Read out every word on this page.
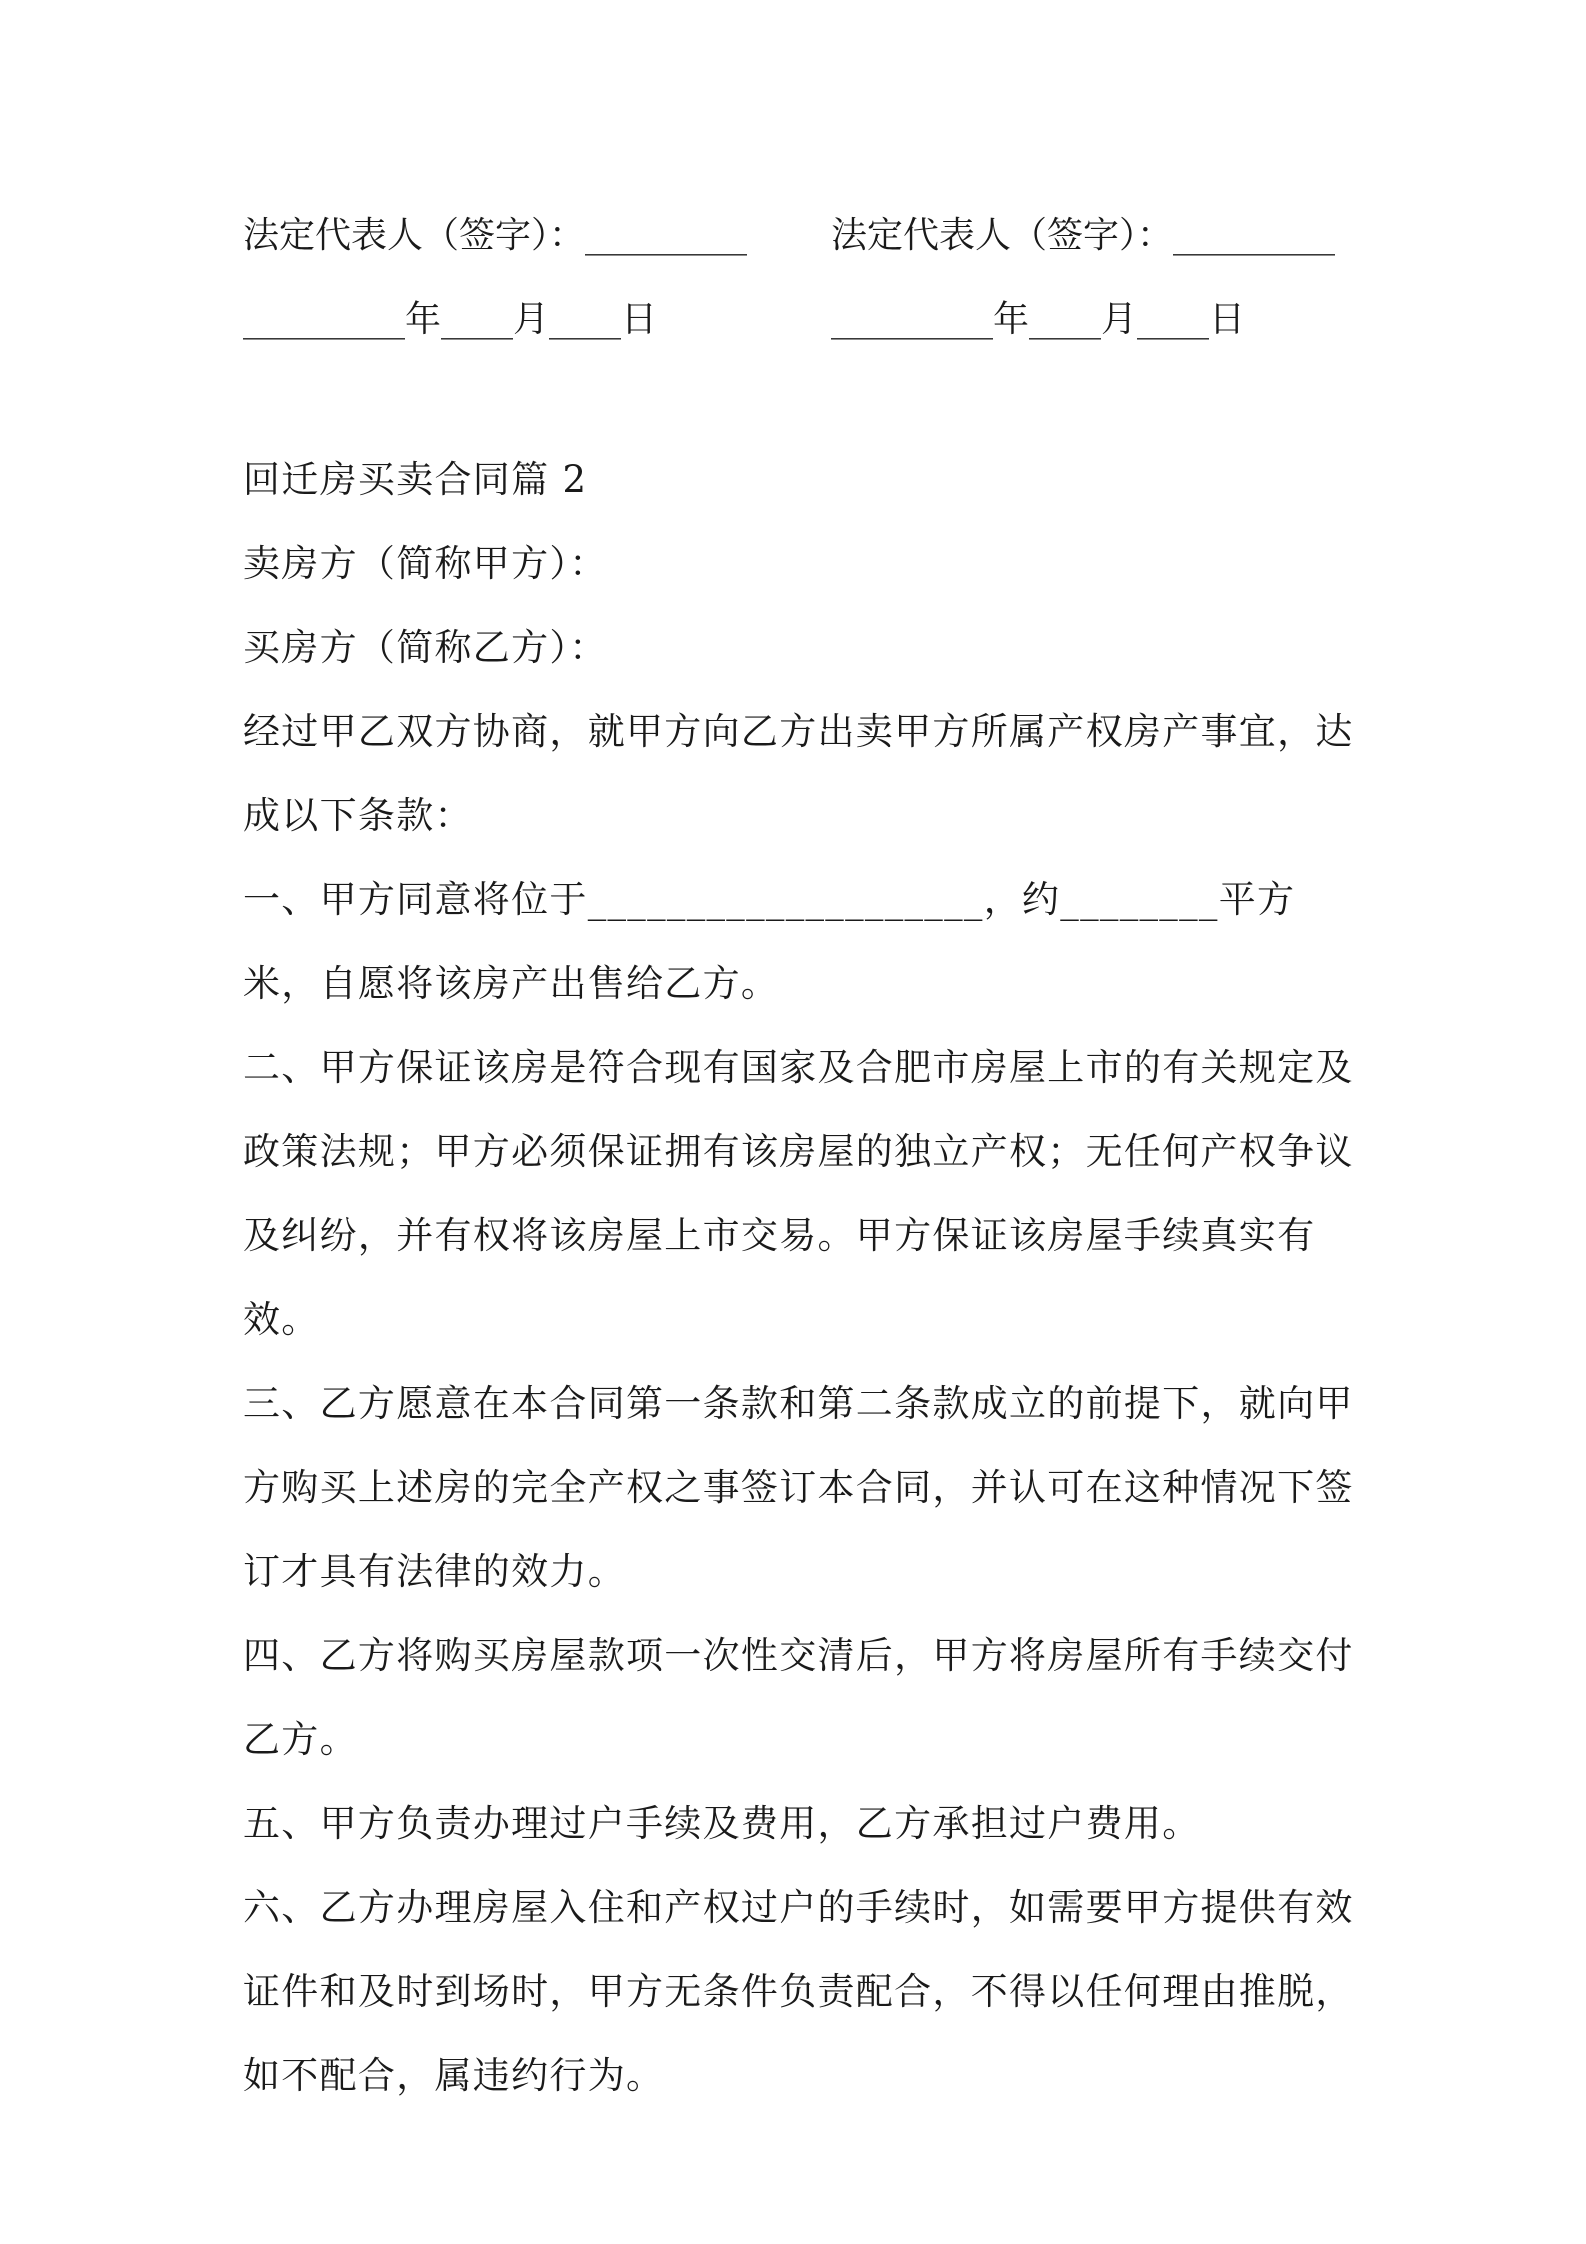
法定代表人（签字）：_________	法定代表人（签字）：_________
_________年____月____日	_________年____月____日

回迁房买卖合同篇 2

卖房方（简称甲方）：

买房方（简称乙方）：

经过甲乙双方协商，就甲方向乙方出卖甲方所属产权房产事宜，达成以下条款：

一、甲方同意将位于____________________，约________平方米，自愿将该房产出售给乙方。

二、甲方保证该房是符合现有国家及合肥市房屋上市的有关规定及政策法规；甲方必须保证拥有该房屋的独立产权；无任何产权争议及纠纷，并有权将该房屋上市交易。甲方保证该房屋手续真实有效。

三、乙方愿意在本合同第一条款和第二条款成立的前提下，就向甲方购买上述房的完全产权之事签订本合同，并认可在这种情况下签订才具有法律的效力。

四、乙方将购买房屋款项一次性交清后，甲方将房屋所有手续交付乙方。

五、甲方负责办理过户手续及费用，乙方承担过户费用。

六、乙方办理房屋入住和产权过户的手续时，如需要甲方提供有效证件和及时到场时，甲方无条件负责配合，不得以任何理由推脱，如不配合，属违约行为。
